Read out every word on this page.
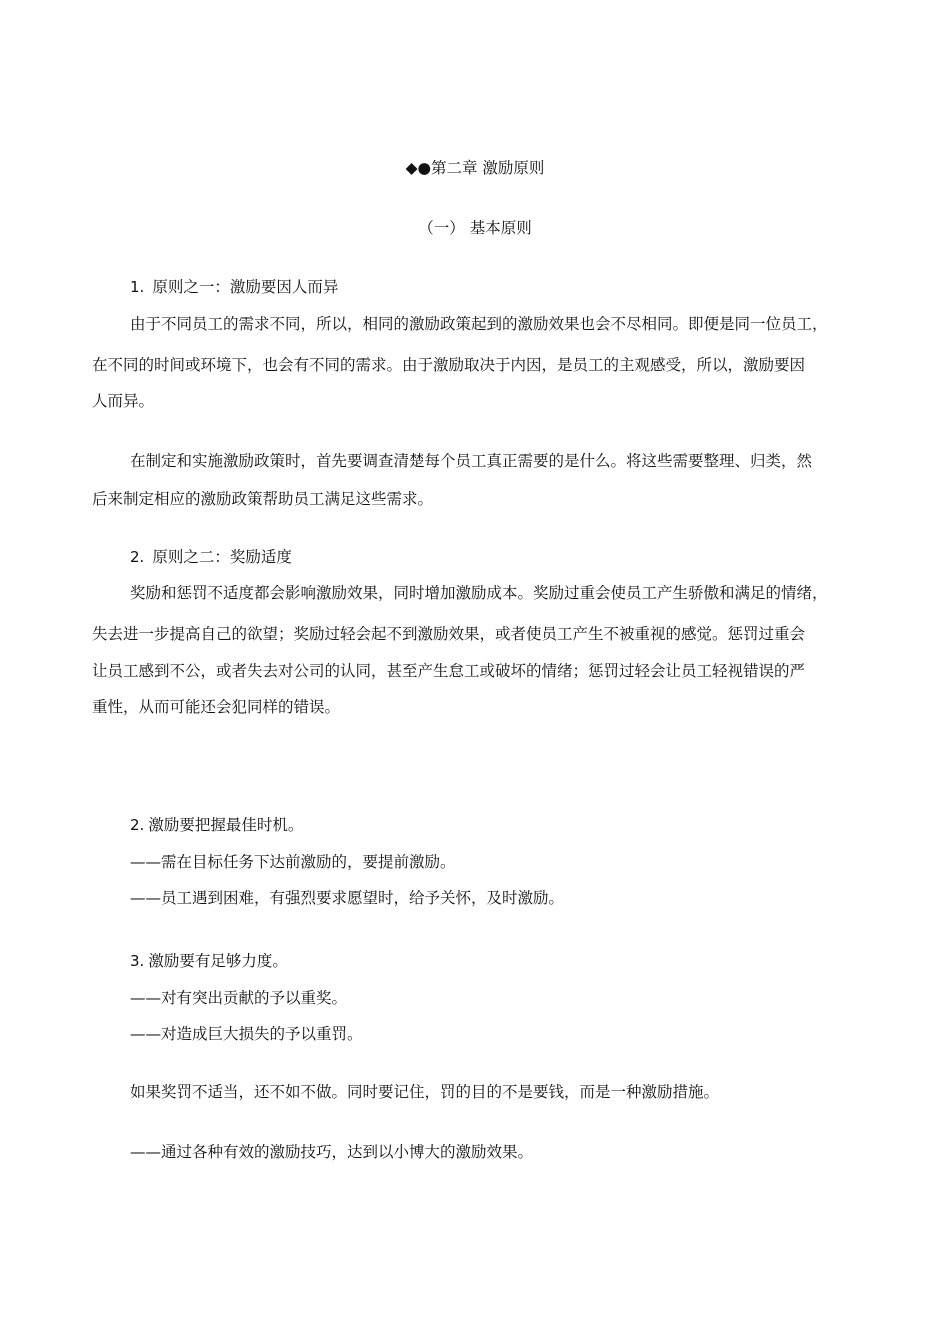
◆●第二章 激励原则
（一） 基本原则
1. 原则之一：激励要因人而异
由于不同员工的需求不同，所以，相同的激励政策起到的激励效果也会不尽相同。即便是同一位员工，
在不同的时间或环境下，也会有不同的需求。由于激励取决于内因，是员工的主观感受，所以，激励要因
人而异。
在制定和实施激励政策时，首先要调查清楚每个员工真正需要的是什么。将这些需要整理、归类，然
后来制定相应的激励政策帮助员工满足这些需求。
2. 原则之二：奖励适度
奖励和惩罚不适度都会影响激励效果，同时增加激励成本。奖励过重会使员工产生骄傲和满足的情绪，
失去进一步提高自己的欲望；奖励过轻会起不到激励效果，或者使员工产生不被重视的感觉。惩罚过重会
让员工感到不公，或者失去对公司的认同，甚至产生怠工或破坏的情绪；惩罚过轻会让员工轻视错误的严
重性，从而可能还会犯同样的错误。
2. 激励要把握最佳时机。
——需在目标任务下达前激励的，要提前激励。
——员工遇到困难，有强烈要求愿望时，给予关怀，及时激励。
3. 激励要有足够力度。
——对有突出贡献的予以重奖。
——对造成巨大损失的予以重罚。
如果奖罚不适当，还不如不做。同时要记住，罚的目的不是要钱，而是一种激励措施。
——通过各种有效的激励技巧，达到以小博大的激励效果。
